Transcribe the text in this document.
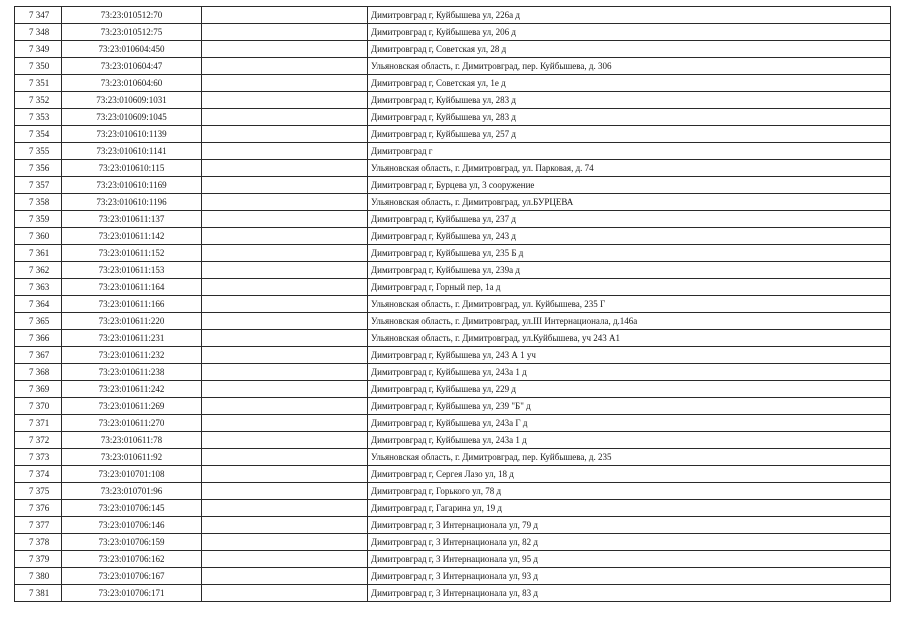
7 347	73:23:010512:70		Димитровград г, Куйбышева ул, 226а д
7 348	73:23:010512:75		Димитровград г, Куйбышева ул, 206 д
7 349	73:23:010604:450		Димитровград г, Советская ул, 28 д
7 350	73:23:010604:47		Ульяновская область, г. Димитровград, пер. Куйбышева, д. 306
7 351	73:23:010604:60		Димитровград г, Советская ул, 1е д
7 352	73:23:010609:1031		Димитровград г, Куйбышева ул, 283 д
7 353	73:23:010609:1045		Димитровград г, Куйбышева ул, 283 д
7 354	73:23:010610:1139		Димитровград г, Куйбышева ул, 257 д
7 355	73:23:010610:1141		Димитровград г
7 356	73:23:010610:115		Ульяновская область, г. Димитровград, ул. Парковая, д. 74
7 357	73:23:010610:1169		Димитровград г, Бурцева ул, 3 сооружение
7 358	73:23:010610:1196		Ульяновская область, г. Димитровград, ул.БУРЦЕВА
7 359	73:23:010611:137		Димитровград г, Куйбышева ул, 237 д
7 360	73:23:010611:142		Димитровград г, Куйбышева ул, 243 д
7 361	73:23:010611:152		Димитровград г, Куйбышева ул, 235 Б д
7 362	73:23:010611:153		Димитровград г, Куйбышева ул, 239а д
7 363	73:23:010611:164		Димитровград г, Горный пер, 1а д
7 364	73:23:010611:166		Ульяновская область, г. Димитровград, ул. Куйбышева, 235 Г
7 365	73:23:010611:220		Ульяновская область, г. Димитровград, ул.III Интернационала, д.146а
7 366	73:23:010611:231		Ульяновская область, г. Димитровград, ул.Куйбышева, уч 243 А1
7 367	73:23:010611:232		Димитровград г, Куйбышева ул, 243 А 1 уч
7 368	73:23:010611:238		Димитровград г, Куйбышева ул, 243а 1 д
7 369	73:23:010611:242		Димитровград г, Куйбышева ул, 229 д
7 370	73:23:010611:269		Димитровград г, Куйбышева ул, 239 "Б" д
7 371	73:23:010611:270		Димитровград г, Куйбышева ул, 243а Г д
7 372	73:23:010611:78		Димитровград г, Куйбышева ул, 243а 1 д
7 373	73:23:010611:92		Ульяновская область, г. Димитровград, пер. Куйбышева, д. 235
7 374	73:23:010701:108		Димитровград г, Сергея Лазо ул, 18 д
7 375	73:23:010701:96		Димитровград г, Горького ул, 78 д
7 376	73:23:010706:145		Димитровград г, Гагарина ул, 19 д
7 377	73:23:010706:146		Димитровград г, 3 Интернационала ул, 79 д
7 378	73:23:010706:159		Димитровград г, 3 Интернационала ул, 82 д
7 379	73:23:010706:162		Димитровград г, 3 Интернационала ул, 95 д
7 380	73:23:010706:167		Димитровград г, 3 Интернационала ул, 93 д
7 381	73:23:010706:171		Димитровград г, 3 Интернационала ул, 83 д
